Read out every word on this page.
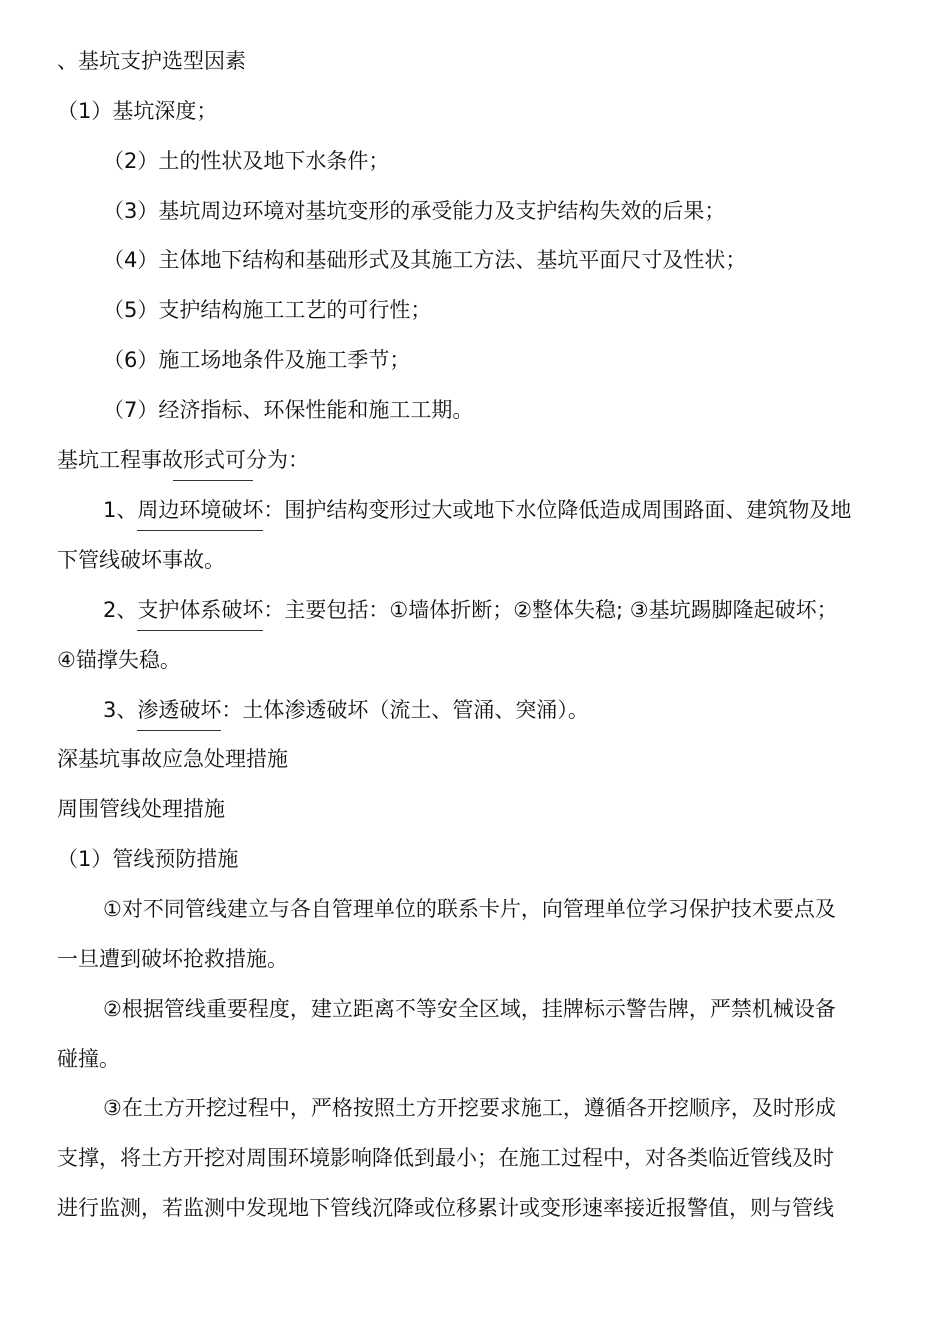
、基坑支护选型因素
（1）基坑深度；
（2）土的性状及地下水条件；
（3）基坑周边环境对基坑变形的承受能力及支护结构失效的后果；
（4）主体地下结构和基础形式及其施工方法、基坑平面尺寸及性状；
（5）支护结构施工工艺的可行性；
（6）施工场地条件及施工季节；
（7）经济指标、环保性能和施工工期。
基坑工程事故形式可分为：
1、周边环境破坏：围护结构变形过大或地下水位降低造成周围路面、建筑物及地
下管线破坏事故。
2、支护体系破坏：主要包括：①墙体折断；②整体失稳; ③基坑踢脚隆起破坏；
④锚撑失稳。
3、渗透破坏：土体渗透破坏（流土、管涌、突涌）。
深基坑事故应急处理措施
周围管线处理措施
（1）管线预防措施
①对不同管线建立与各自管理单位的联系卡片，向管理单位学习保护技术要点及
一旦遭到破坏抢救措施。
②根据管线重要程度，建立距离不等安全区域，挂牌标示警告牌，严禁机械设备
碰撞。
③在土方开挖过程中，严格按照土方开挖要求施工，遵循各开挖顺序，及时形成
支撑，将土方开挖对周围环境影响降低到最小；在施工过程中，对各类临近管线及时
进行监测，若监测中发现地下管线沉降或位移累计或变形速率接近报警值，则与管线
